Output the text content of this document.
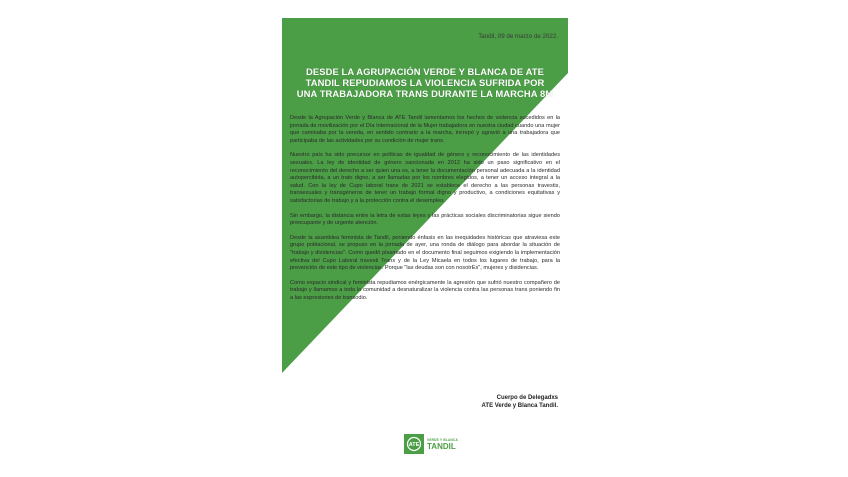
Tandil, 09 de marzo de 2022.
DESDE LA AGRUPACIÓN VERDE Y BLANCA DE ATE TANDIL REPUDIAMOS LA VIOLENCIA SUFRIDA POR UNA TRABAJADORA TRANS DURANTE LA MARCHA 8M

Desde la Agrupación Verde y Blanca de ATE Tandil lamentamos los hechos de violencia sucedidos en la jornada de movilización por el Día Internacional de la Mujer trabajadora en nuestra ciudad cuando una mujer que caminaba por la vereda, en sentido contrario a la marcha, increpó y agravió a una trabajadora que participaba de las actividades por su condición de mujer trans.

Nuestro país ha sido precursor en políticas de igualdad de género y reconocimiento de las identidades sexuales. La ley de identidad de género sancionada en 2012 ha sido un paso significativo en el reconocimiento del derecho a ser quien una es, a tener la documentación personal adecuada a la identidad autopercibida, a un trato digno, a ser llamadas por los nombres elegidos, a tener un acceso integral a la salud. Con la ley de Cupo laboral trans de 2021 se establece el derecho a las personas travestis, transexuales y transgéneros de tener un trabajo formal digno y productivo, a condiciones equitativas y satisfactorias de trabajo y a la protección contra el desempleo.

Sin embargo, la distancia entre la letra de estas leyes y las prácticas sociales discriminatorias sigue siendo preocupante y de urgente atención.

Desde la asamblea feminista de Tandil, poniendo énfasis en las inequidades históricas que atraviesa este grupo poblacional, se propuso en la jornada de ayer, una ronda de diálogo para abordar la situación de "trabajo y disidencias". Como quedó plasmado en el documento final seguimos exigiendo la implementación efectiva del Cupo Laboral travesti Trans y de la Ley Micaela en todos los lugares de trabajo, para la prevención de este tipo de violencias. Porque "las deudas son con nosotrEs", mujeres y disidencias.

Como espacio sindical y feminista repudiamos enérgicamente la agresión que sufrió nuestro compañero de trabajo y llamamos a toda la comunidad a desnaturalizar la violencia contra las personas trans poniendo fin a las expresiones de transodio.

Cuerpo de Delegadxs
ATE Verde y Blanca Tandil.
ATE
VERDE Y BLANCA
TANDIL
